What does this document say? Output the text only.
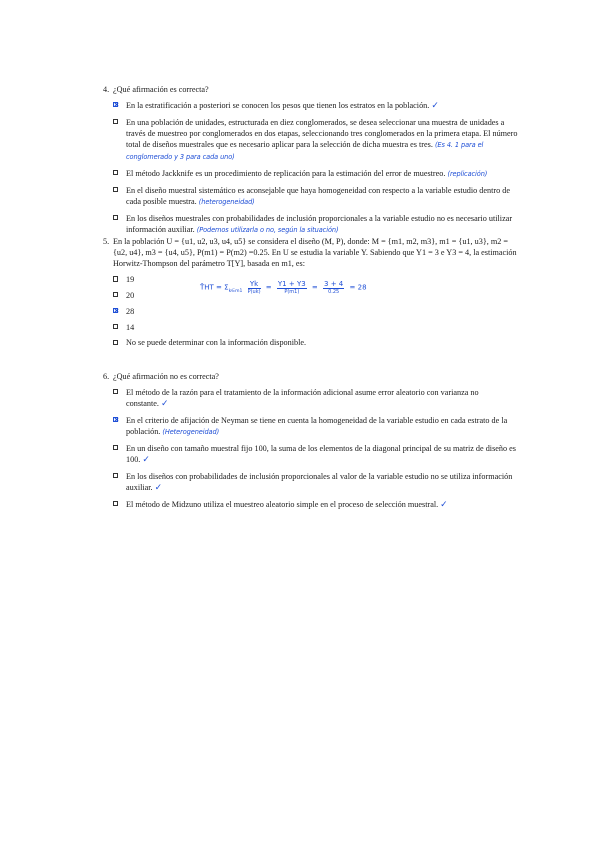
4. ¿Qué afirmación es correcta?
En la estratificación a posteriori se conocen los pesos que tienen los estratos en la población. ✓
En una población de unidades, estructurada en diez conglomerados, se desea seleccionar una muestra de unidades a través de muestreo por conglomerados en dos etapas, seleccionando tres conglomerados en la primera etapa. El número total de diseños muestrales que es necesario aplicar para la selección de dicha muestra es tres. (Es 4. 1 para el conglomerado y 3 para cada uno)
El método Jackknife es un procedimiento de replicación para la estimación del error de muestreo. (replicación)
En el diseño muestral sistemático es aconsejable que haya homogeneidad con respecto a la variable estudio dentro de cada posible muestra. (heterogeneidad)
En los diseños muestrales con probabilidades de inclusión proporcionales a la variable estudio no es necesario utilizar información auxiliar. (Podemos utilizarla o no, según la situación)
5. En la población U = {u1, u2, u3, u4, u5} se considera el diseño (M, P), donde: M = {m1, m2, m3}, m1 = {u1, u3}, m2 = {u2, u4}, m3 = {u4, u5}, P(m1) = P(m2) =0.25. En U se estudia la variable Y. Sabiendo que Y1 = 3 e Y3 = 4, la estimación Horwitz-Thompson del parámetro T[Y], basada en m1, es:
19
20
28
14
No se puede determinar con la información disponible.
T̂HT = $\Sigma_{k\in m1} \frac{Yk}{P(uk)} = \frac{Y1 + Y3}{P(m1)} = \frac{3 + 4}{0.25} = 28$
6. ¿Qué afirmación no es correcta?
El método de la razón para el tratamiento de la información adicional asume error aleatorio con varianza no constante. ✓
En el criterio de afijación de Neyman se tiene en cuenta la homogeneidad de la variable estudio en cada estrato de la población. (Heterogeneidad)
En un diseño con tamaño muestral fijo 100, la suma de los elementos de la diagonal principal de su matriz de diseño es 100. ✓
En los diseños con probabilidades de inclusión proporcionales al valor de la variable estudio no se utiliza información auxiliar. ✓
El método de Midzuno utiliza el muestreo aleatorio simple en el proceso de selección muestral. ✓
